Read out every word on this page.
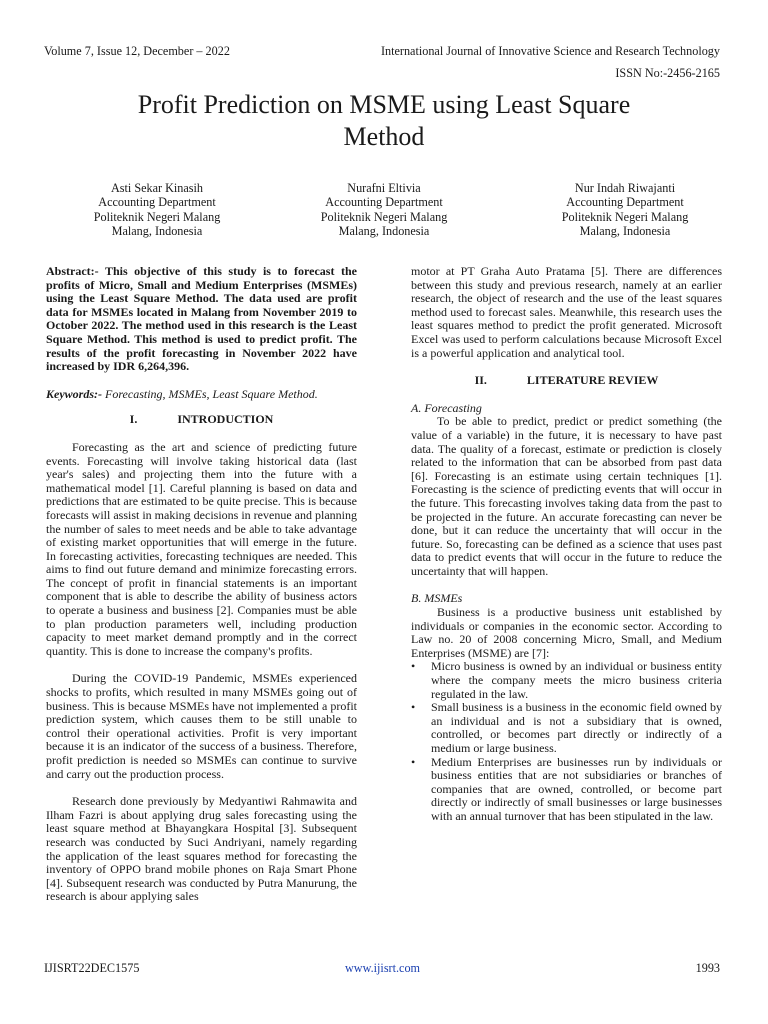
Volume 7, Issue 12, December – 2022	International Journal of Innovative Science and Research Technology
ISSN No:-2456-2165
Profit Prediction on MSME using Least Square Method
Asti Sekar Kinasih
Accounting Department
Politeknik Negeri Malang
Malang, Indonesia
Nurafni Eltivia
Accounting Department
Politeknik Negeri Malang
Malang, Indonesia
Nur Indah Riwajanti
Accounting Department
Politeknik Negeri Malang
Malang, Indonesia

Abstract:- This objective of this study is to forecast the profits of Micro, Small and Medium Enterprises (MSMEs) using the Least Square Method. The data used are profit data for MSMEs located in Malang from November 2019 to October 2022. The method used in this research is the Least Square Method. This method is used to predict profit. The results of the profit forecasting in November 2022 have increased by IDR 6,264,396.

Keywords:- Forecasting, MSMEs, Least Square Method.

I.	INTRODUCTION

Forecasting as the art and science of predicting future events. Forecasting will involve taking historical data (last year's sales) and projecting them into the future with a mathematical model [1]. Careful planning is based on data and predictions that are estimated to be quite precise. This is because forecasts will assist in making decisions in revenue and planning the number of sales to meet needs and be able to take advantage of existing market opportunities that will emerge in the future. In forecasting activities, forecasting techniques are needed. This aims to find out future demand and minimize forecasting errors. The concept of profit in financial statements is an important component that is able to describe the ability of business actors to operate a business and business [2]. Companies must be able to plan production parameters well, including production capacity to meet market demand promptly and in the correct quantity. This is done to increase the company's profits.

During the COVID-19 Pandemic, MSMEs experienced shocks to profits, which resulted in many MSMEs going out of business. This is because MSMEs have not implemented a profit prediction system, which causes them to be still unable to control their operational activities. Profit is very important because it is an indicator of the success of a business. Therefore, profit prediction is needed so MSMEs can continue to survive and carry out the production process.

Research done previously by Medyantiwi Rahmawita and Ilham Fazri is about applying drug sales forecasting using the least square method at Bhayangkara Hospital [3]. Subsequent research was conducted by Suci Andriyani, namely regarding the application of the least squares method for forecasting the inventory of OPPO brand mobile phones on Raja Smart Phone [4]. Subsequent research was conducted by Putra Manurung, the research is abour applying sales

motor at PT Graha Auto Pratama [5]. There are differences between this study and previous research, namely at an earlier research, the object of research and the use of the least squares method used to forecast sales. Meanwhile, this research uses the least squares method to predict the profit generated. Microsoft Excel was used to perform calculations because Microsoft Excel is a powerful application and analytical tool.

II.	LITERATURE REVIEW

A. Forecasting

To be able to predict, predict or predict something (the value of a variable) in the future, it is necessary to have past data. The quality of a forecast, estimate or prediction is closely related to the information that can be absorbed from past data [6]. Forecasting is an estimate using certain techniques [1]. Forecasting is the science of predicting events that will occur in the future. This forecasting involves taking data from the past to be projected in the future. An accurate forecasting can never be done, but it can reduce the uncertainty that will occur in the future. So, forecasting can be defined as a science that uses past data to predict events that will occur in the future to reduce the uncertainty that will happen.

B. MSMEs

Business is a productive business unit established by individuals or companies in the economic sector. According to Law no. 20 of 2008 concerning Micro, Small, and Medium Enterprises (MSME) are [7]:

• Micro business is owned by an individual or business entity where the company meets the micro business criteria regulated in the law.
• Small business is a business in the economic field owned by an individual and is not a subsidiary that is owned, controlled, or becomes part directly or indirectly of a medium or large business.
• Medium Enterprises are businesses run by individuals or business entities that are not subsidiaries or branches of companies that are owned, controlled, or become part directly or indirectly of small businesses or large businesses with an annual turnover that has been stipulated in the law.
IJISRT22DEC1575	www.ijisrt.com	1993
